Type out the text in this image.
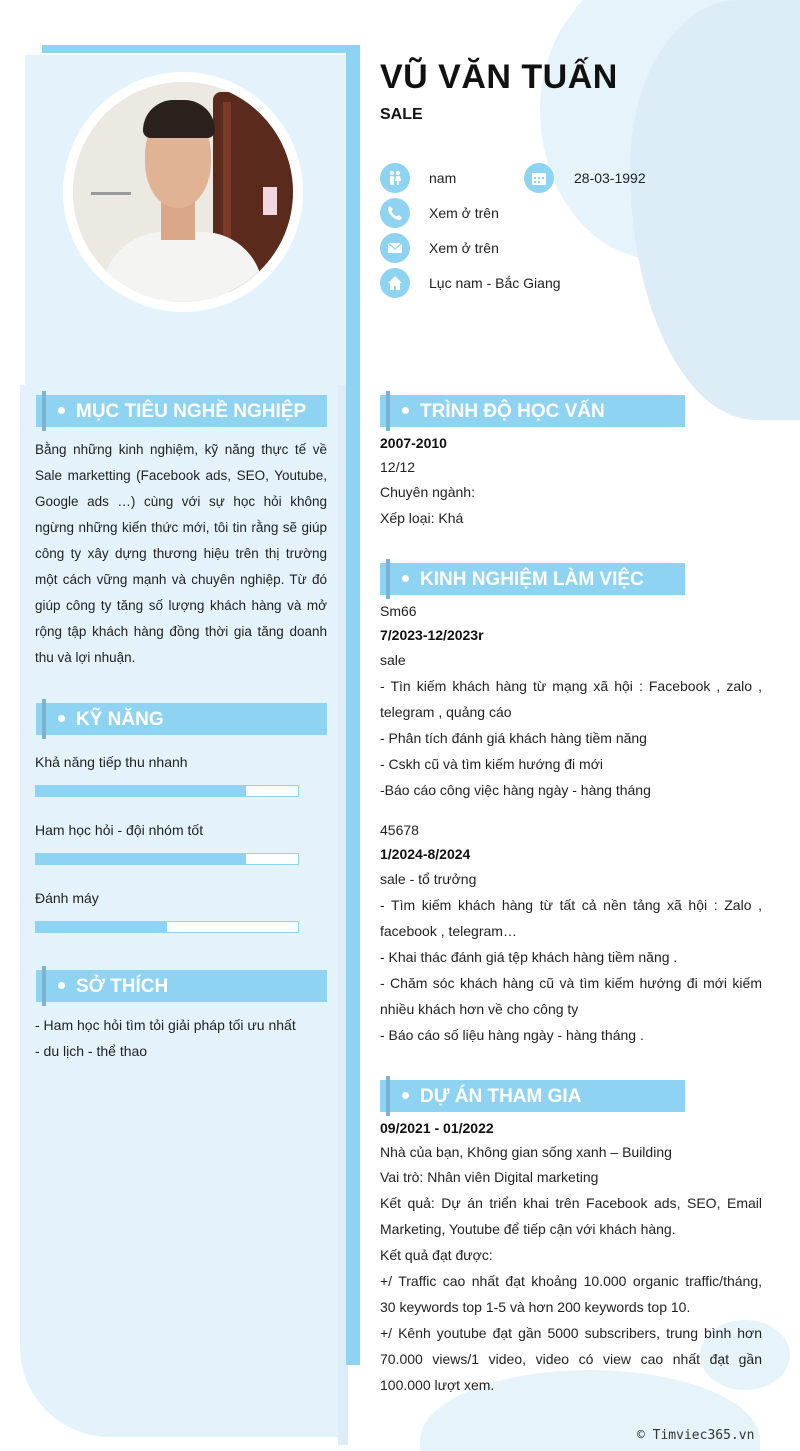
VŨ VĂN TUẤN
SALE
nam	28-03-1992
Xem ở trên
Xem ở trên
Lục nam - Bắc Giang
MỤC TIÊU NGHỀ NGHIỆP
Bằng những kinh nghiệm, kỹ năng thực tế về Sale marketting (Facebook ads, SEO, Youtube, Google ads …) cùng với sự học hỏi không ngừng những kiến thức mới, tôi tin rằng sẽ giúp công ty xây dựng thương hiệu trên thị trường một cách vững mạnh và chuyên nghiệp. Từ đó giúp công ty tăng số lượng khách hàng và mở rộng tập khách hàng đồng thời gia tăng doanh thu và lợi nhuận.
KỸ NĂNG
Khả năng tiếp thu nhanh
Ham học hỏi - đội nhóm tốt
Đánh máy
SỞ THÍCH
- Ham học hỏi tìm tỏi giải pháp tối ưu nhất
- du lịch - thể thao
TRÌNH ĐỘ HỌC VẤN
2007-2010
12/12
Chuyên ngành:
Xếp loại: Khá
KINH NGHIỆM LÀM VIỆC
Sm66
7/2023-12/2023r
sale
- Tìn kiếm khách hàng từ mạng xã hội : Facebook , zalo ,
telegram , quảng cáo
- Phân tích đánh giá khách hàng tiềm năng
- Cskh cũ và tìm kiếm hướng đi mới
-Báo cáo công việc hàng ngày - hàng tháng
45678
1/2024-8/2024
sale - tổ trưởng
- Tìm kiếm khách hàng từ tất cả nền tảng xã hội : Zalo ,
facebook , telegram…
- Khai thác đánh giá tệp khách hàng tiềm năng .
- Chăm sóc khách hàng cũ và tìm kiếm hướng đi mới kiếm
nhiều khách hơn về cho công ty
- Báo cáo số liệu hàng ngày - hàng tháng .
DỰ ÁN THAM GIA
09/2021 - 01/2022
Nhà của bạn, Không gian sống xanh – Building
Vai trò: Nhân viên Digital marketing
Kết quả: Dự án triển khai trên Facebook ads, SEO, Email
Marketing, Youtube để tiếp cận với khách hàng.
Kết quả đạt được:
+/ Traffic cao nhất đạt khoảng 10.000 organic traffic/tháng,
30 keywords top 1-5 và hơn 200 keywords top 10.
+/ Kênh youtube đạt gần 5000 subscribers, trung bình hơn
70.000 views/1 video, video có view cao nhất đạt gần
100.000 lượt xem.
© Timviec365.vn
